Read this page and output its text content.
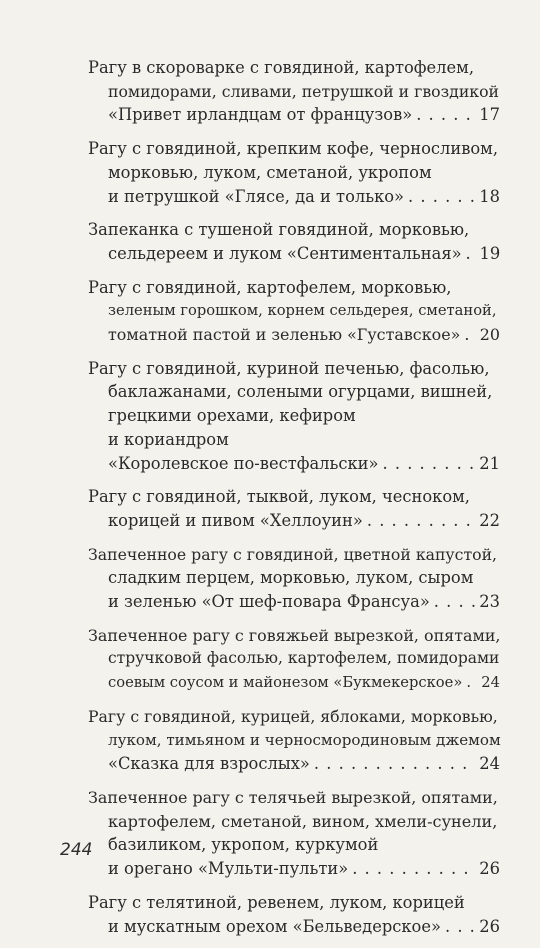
Рагу в скороварке с говядиной, картофелем,
помидорами, сливами, петрушкой и гвоздикой
«Привет ирландцам от французов» . . .	17
Рагу с говядиной, крепким кофе, черносливом,
морковью, луком, сметаной, укропом
и петрушкой «Глясе, да и только» . . .	18
Запеканка с тушеной говядиной, морковью,
сельдереем и луком «Сентиментальная» . . . 19
Рагу с говядиной, картофелем, морковью,
зеленым горошком, корнем сельдерея, сметаной,
томатной пастой и зеленью «Густавское» . . . 20
Рагу с говядиной, куриной печенью, фасолью,
баклажанами, солеными огурцами, вишней,
грецкими орехами, кефиром
и кориандром
«Королевское по-вестфальски» . . .	21
Рагу с говядиной, тыквой, луком, чесноком,
корицей и пивом «Хеллоуин» . . .	22
Запеченное рагу с говядиной, цветной капустой,
сладким перцем, морковью, луком, сыром
и зеленью «От шеф-повара Франсуа» . . .	23
Запеченное рагу с говяжьей вырезкой, опятами,
стручковой фасолью, картофелем, помидорами
соевым соусом и майонезом «Букмекерское» . . . 24
Рагу с говядиной, курицей, яблоками, морковью,
луком, тимьяном и черносмородиновым джемом
«Сказка для взрослых» . . .	24
Запеченное рагу с телячьей вырезкой, опятами,
картофелем, сметаной, вином, хмели-сунели,
базиликом, укропом, куркумой
и орегано «Мульти-пульти» . . .	26
Рагу с телятиной, ревенем, луком, корицей
и мускатным орехом «Бельведерское» . . . 26
244
